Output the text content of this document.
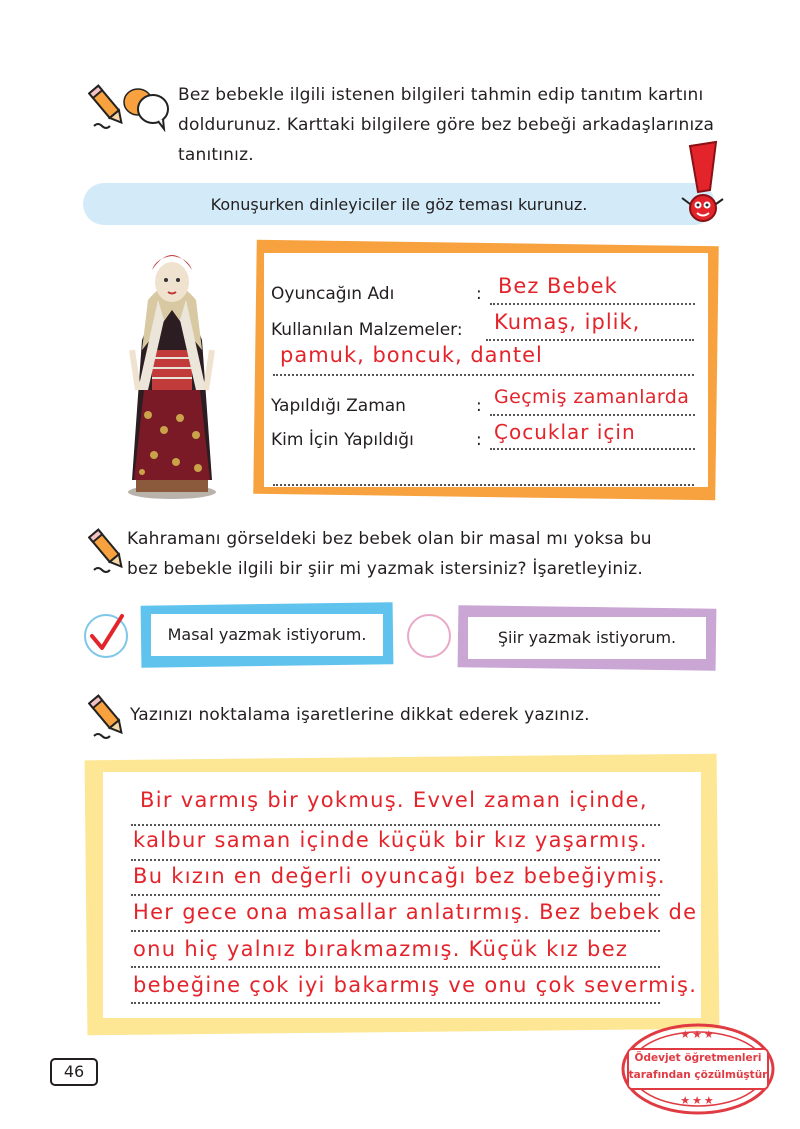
Bez bebekle ilgili istenen bilgileri tahmin edip tanıtım kartını
doldurunuz. Karttaki bilgilere göre bez bebeği arkadaşlarınıza
tanıtınız.
Konuşurken dinleyiciler ile göz teması kurunuz.
Oyuncağın Adı	: Bez Bebek
Kullanılan Malzemeler: Kumaş, iplik,
pamuk, boncuk, dantel
Yapıldığı Zaman	: Geçmiş zamanlarda
Kim İçin Yapıldığı	: Çocuklar için
Kahramanı görseldeki bez bebek olan bir masal mı yoksa bu
bez bebekle ilgili bir şiir mi yazmak istersiniz? İşaretleyiniz.
Masal yazmak istiyorum.	Şiir yazmak istiyorum.
Yazınızı noktalama işaretlerine dikkat ederek yazınız.
Bir varmış bir yokmuş. Evvel zaman içinde,
kalbur saman içinde küçük bir kız yaşarmış.
Bu kızın en değerli oyuncağı bez bebeğiymiş.
Her gece ona masallar anlatırmış. Bez bebek de
onu hiç yalnız bırakmazmış. Küçük kız bez
bebeğine çok iyi bakarmış ve onu çok severmiş.
46
★★★
Ödevjet öğretmenleri
tarafından çözülmüştür
★★★
